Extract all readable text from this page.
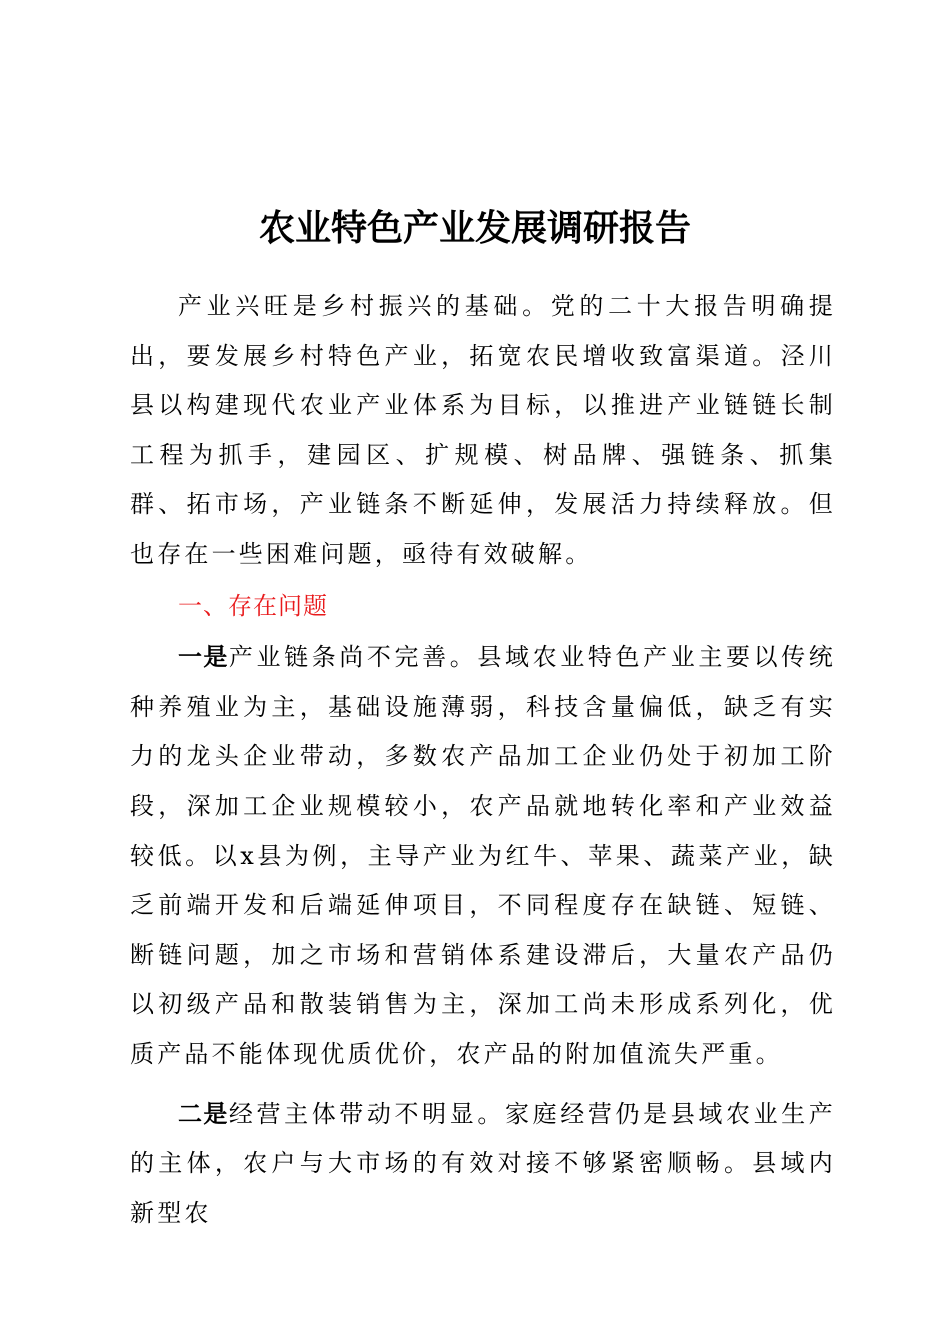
农业特色产业发展调研报告

产业兴旺是乡村振兴的基础。党的二十大报告明确提出，要发展乡村特色产业，拓宽农民增收致富渠道。泾川县以构建现代农业产业体系为目标，以推进产业链链长制工程为抓手，建园区、扩规模、树品牌、强链条、抓集群、拓市场，产业链条不断延伸，发展活力持续释放。但也存在一些困难问题，亟待有效破解。

一、存在问题

一是产业链条尚不完善。县域农业特色产业主要以传统种养殖业为主，基础设施薄弱，科技含量偏低，缺乏有实力的龙头企业带动，多数农产品加工企业仍处于初加工阶段，深加工企业规模较小，农产品就地转化率和产业效益较低。以x县为例，主导产业为红牛、苹果、蔬菜产业，缺乏前端开发和后端延伸项目，不同程度存在缺链、短链、断链问题，加之市场和营销体系建设滞后，大量农产品仍以初级产品和散装销售为主，深加工尚未形成系列化，优质产品不能体现优质优价，农产品的附加值流失严重。

二是经营主体带动不明显。家庭经营仍是县域农业生产的主体，农户与大市场的有效对接不够紧密顺畅。县域内新型农
